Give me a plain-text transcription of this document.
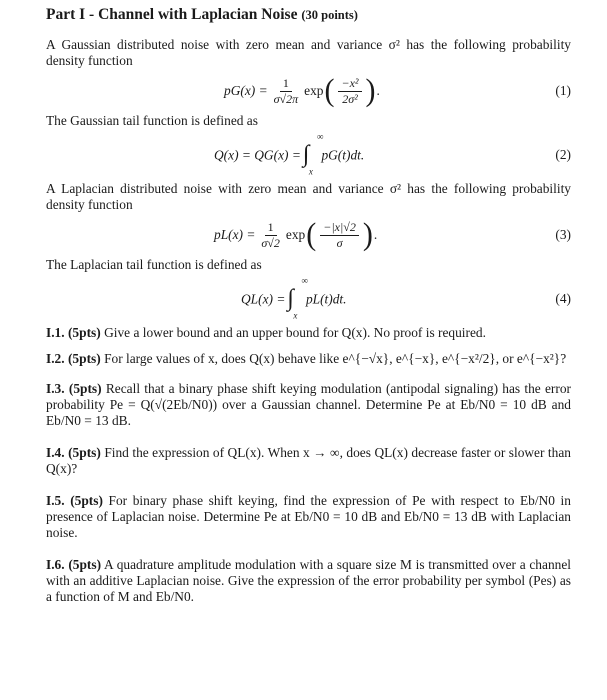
Part I - Channel with Laplacian Noise (30 points)

A Gaussian distributed noise with zero mean and variance σ² has the following probability density function

$pG(x) = \frac{1}{\sigma√2\pi}$ exp ( $\frac{\text{−x²}}{\text{2σ²}}$ ) .	(1)

The Gaussian tail function is defined as

Q(x) = QG(x) = ∫
∞
x
pG(t)dt.	(2)

A Laplacian distributed noise with zero mean and variance σ² has the following probability density function

$pL(x) = \frac{1}{\sigma√2}$ exp ( $\frac{-|x|√2}{\sigma}$ ) .	(3)

The Laplacian tail function is defined as

QL(x) = ∫
∞
x
pL(t)dt.	(4)

I.1. (5pts) Give a lower bound and an upper bound for Q(x). No proof is required.

I.2. (5pts) For large values of x, does Q(x) behave like e^{−√x}, e^{−x}, e^{−x²/2}, or e^{−x²}?

I.3. (5pts) Recall that a binary phase shift keying modulation (antipodal signaling) has the error probability Pe = Q(√(2Eb/N0)) over a Gaussian channel. Determine Pe at Eb/N0 = 10 dB and Eb/N0 = 13 dB.

I.4. (5pts) Find the expression of QL(x). When x → ∞, does QL(x) decrease faster or slower than Q(x)?

I.5. (5pts) For binary phase shift keying, find the expression of Pe with respect to Eb/N0 in presence of Laplacian noise. Determine Pe at Eb/N0 = 10 dB and Eb/N0 = 13 dB with Laplacian noise.

I.6. (5pts) A quadrature amplitude modulation with a square size M is transmitted over a channel with an additive Laplacian noise. Give the expression of the error probability per symbol (Pes) as a function of M and Eb/N0.
